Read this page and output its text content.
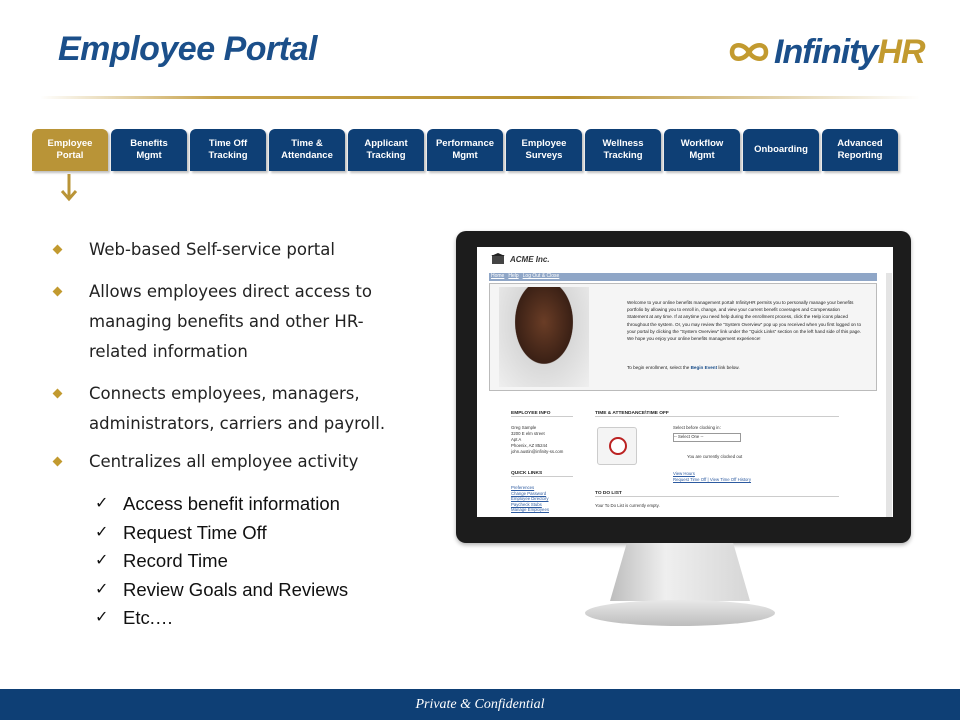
Employee Portal	InfinityHR
Employee
Portal
Benefits
Mgmt
Time Off
Tracking
Time &
Attendance
Applicant
Tracking
Performance
Mgmt
Employee
Surveys
Wellness
Tracking
Workflow
Mgmt
Onboarding
Advanced
Reporting
Web-based Self-service portal
Allows employees direct access to managing benefits and other HR-related information
Connects employees, managers, administrators, carriers and payroll.
Centralizes all employee activity
✓ Access benefit information
✓ Request Time Off
✓ Record Time
✓ Review Goals and Reviews
✓ Etc.…
ACME Inc.
Home Help Log Out & Close
Welcome to your online benefits management portal! InfinityHR permits you to personally manage your benefits portfolio by allowing you to enroll in, change, and view your current benefit coverages and Compensation Statement at any time. If at anytime you need help during the enrollment process, click the Help icons placed throughout the system. Or, you may review the "System Overview" pop up you received when you first logged on to your portal by clicking the "System Overview" link under the "Quick Links" section on the left hand side of this page. We hope you enjoy your online benefits management experience!
To begin enrollment, select the Begin Event link below.
EMPLOYEE INFO
Greg Sample
3200 E elm street
Apt A
Phoenix, AZ 85244
john.austin@infinity-ss.com
QUICK LINKS
Preferences
Change Password
Employee Directory
Paycheck Stubs
Manage Employees
TIME & ATTENDANCE\TIME OFF
Select before clocking in:
-- Select One --
You are currently clocked out
View Hours
Request Time Off | View Time Off History
TO DO LIST
Your To Do List is currently empty.
Private & Confidential
